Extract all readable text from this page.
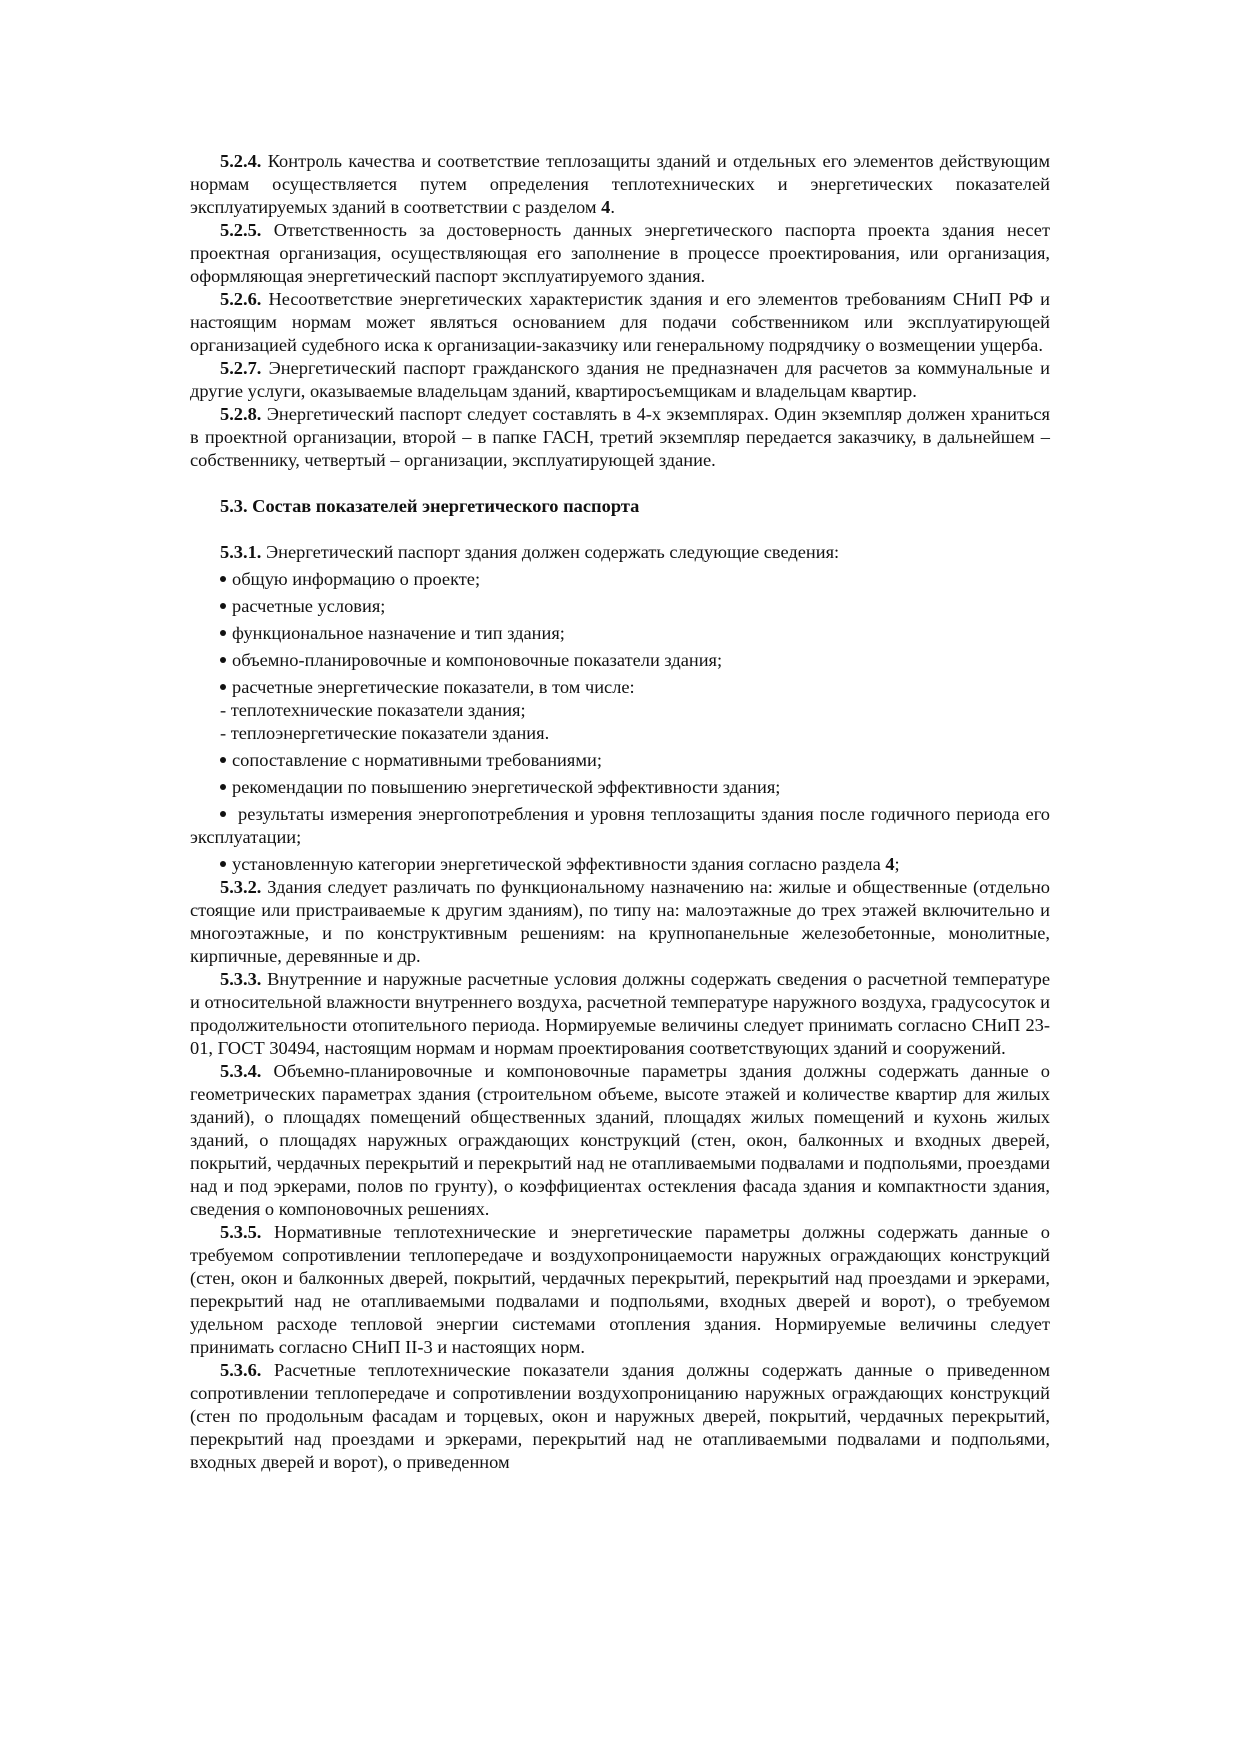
5.2.4. Контроль качества и соответствие теплозащиты зданий и отдельных его элементов действующим нормам осуществляется путем определения теплотехнических и энергетических показателей эксплуатируемых зданий в соответствии с разделом 4.

5.2.5. Ответственность за достоверность данных энергетического паспорта проекта здания несет проектная организация, осуществляющая его заполнение в процессе проектирования, или организация, оформляющая энергетический паспорт эксплуатируемого здания.

5.2.6. Несоответствие энергетических характеристик здания и его элементов требованиям СНиП РФ и настоящим нормам может являться основанием для подачи собственником или эксплуатирующей организацией судебного иска к организации-заказчику или генеральному подрядчику о возмещении ущерба.

5.2.7. Энергетический паспорт гражданского здания не предназначен для расчетов за коммунальные и другие услуги, оказываемые владельцам зданий, квартиросъемщикам и владельцам квартир.

5.2.8. Энергетический паспорт следует составлять в 4-х экземплярах. Один экземпляр должен храниться в проектной организации, второй – в папке ГАСН, третий экземпляр передается заказчику, в дальнейшем – собственнику, четвертый – организации, эксплуатирующей здание.

5.3. Состав показателей энергетического паспорта

5.3.1. Энергетический паспорт здания должен содержать следующие сведения:

общую информацию о проекте;

расчетные условия;

функциональное назначение и тип здания;

объемно-планировочные и компоновочные показатели здания;

расчетные энергетические показатели, в том числе:

- теплотехнические показатели здания;

- теплоэнергетические показатели здания.

сопоставление с нормативными требованиями;

рекомендации по повышению энергетической эффективности здания;

результаты измерения энергопотребления и уровня теплозащиты здания после годичного периода его эксплуатации;

установленную категории энергетической эффективности здания согласно раздела 4;

5.3.2. Здания следует различать по функциональному назначению на: жилые и общественные (отдельно стоящие или пристраиваемые к другим зданиям), по типу на: малоэтажные до трех этажей включительно и многоэтажные, и по конструктивным решениям: на крупнопанельные железобетонные, монолитные, кирпичные, деревянные и др.

5.3.3. Внутренние и наружные расчетные условия должны содержать сведения о расчетной температуре и относительной влажности внутреннего воздуха, расчетной температуре наружного воздуха, градусосуток и продолжительности отопительного периода. Нормируемые величины следует принимать согласно СНиП 23-01, ГОСТ 30494, настоящим нормам и нормам проектирования соответствующих зданий и сооружений.

5.3.4. Объемно-планировочные и компоновочные параметры здания должны содержать данные о геометрических параметрах здания (строительном объеме, высоте этажей и количестве квартир для жилых зданий), о площадях помещений общественных зданий, площадях жилых помещений и кухонь жилых зданий, о площадях наружных ограждающих конструкций (стен, окон, балконных и входных дверей, покрытий, чердачных перекрытий и перекрытий над не отапливаемыми подвалами и подпольями, проездами над и под эркерами, полов по грунту), о коэффициентах остекления фасада здания и компактности здания, сведения о компоновочных решениях.

5.3.5. Нормативные теплотехнические и энергетические параметры должны содержать данные о требуемом сопротивлении теплопередаче и воздухопроницаемости наружных ограждающих конструкций (стен, окон и балконных дверей, покрытий, чердачных перекрытий, перекрытий над проездами и эркерами, перекрытий над не отапливаемыми подвалами и подпольями, входных дверей и ворот), о требуемом удельном расходе тепловой энергии системами отопления здания. Нормируемые величины следует принимать согласно СНиП II-3 и настоящих норм.

5.3.6. Расчетные теплотехнические показатели здания должны содержать данные о приведенном сопротивлении теплопередаче и сопротивлении воздухопроницанию наружных ограждающих конструкций (стен по продольным фасадам и торцевых, окон и наружных дверей, покрытий, чердачных перекрытий, перекрытий над проездами и эркерами, перекрытий над не отапливаемыми подвалами и подпольями, входных дверей и ворот), о приведенном
